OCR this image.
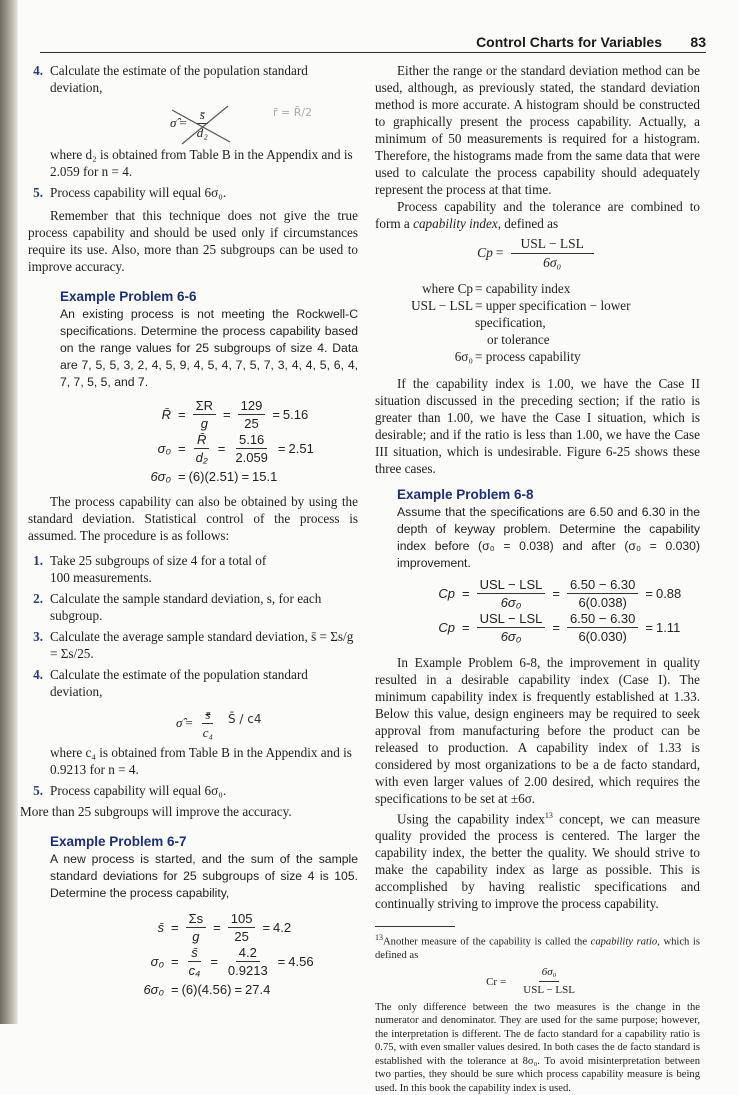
Control Charts for Variables 83
4. Calculate the estimate of the population standard deviation,
σ̂ = $\frac{s̄}{\text{d₂}}$	r̄ = R̄/2
where d₂ is obtained from Table B in the Appendix and is 2.059 for n = 4.
5. Process capability will equal 6σ₀.

Remember that this technique does not give the true process capability and should be used only if circumstances require its use. Also, more than 25 subgroups can be used to improve accuracy.

Example Problem 6-6
An existing process is not meeting the Rockwell-C specifications. Determine the process capability based on the range values for 25 subgroups of size 4. Data are 7, 5, 5, 3, 2, 4, 5, 9, 4, 5, 4, 7, 5, 7, 3, 4, 4, 5, 6, 4, 7, 7, 5, 5, and 7.
R̄ = $\frac{\Sigma R}{g} = \frac{129}{25} = 5.16$
$\sigma_0 = \frac{R̄}{\text{d₂}} = \frac{5.16}{2.059} = 2.51$
6σ₀ = (6)(2.51) = 15.1

The process capability can also be obtained by using the standard deviation. Statistical control of the process is assumed. The procedure is as follows:

1. Take 25 subgroups of size 4 for a total of 100 measurements.
2. Calculate the sample standard deviation, s, for each subgroup.
3. Calculate the average sample standard deviation, s̄ = Σs/g = Σs/25.
4. Calculate the estimate of the population standard deviation,
σ̂ = $\frac{s̄}{\text{c₄}}$ S̄ / c4
where c₄ is obtained from Table B in the Appendix and is 0.9213 for n = 4.
5. Process capability will equal 6σ₀.

More than 25 subgroups will improve the accuracy.

Example Problem 6-7
A new process is started, and the sum of the sample standard deviations for 25 subgroups of size 4 is 105. Determine the process capability,
s̄ = $\frac{\Sigma s}{g} = \frac{105}{25} = 4.2$
$\sigma_0 = \frac{s̄}{\text{c₄}} = \frac{4.2}{0.9213} = 4.56$
6σ₀ = (6)(4.56) = 27.4

Either the range or the standard deviation method can be used, although, as previously stated, the standard deviation method is more accurate. A histogram should be constructed to graphically present the process capability. Actually, a minimum of 50 measurements is required for a histogram. Therefore, the histograms made from the same data that were used to calculate the process capability should adequately represent the process at that time.

Process capability and the tolerance are combined to form a capability index, defined as

$Cp = \frac{\text{USL − LSL}}{\text{6σ₀}}$
where Cp = capability index
USL − LSL = upper specification − lower specification,
or tolerance
6σ₀ = process capability

If the capability index is 1.00, we have the Case II situation discussed in the preceding section; if the ratio is greater than 1.00, we have the Case I situation, which is desirable; and if the ratio is less than 1.00, we have the Case III situation, which is undesirable. Figure 6-25 shows these three cases.

Example Problem 6-8
Assume that the specifications are 6.50 and 6.30 in the depth of keyway problem. Determine the capability index before (σ₀ = 0.038) and after (σ₀ = 0.030) improvement.
$Cp = \frac{\text{USL − LSL}}{\text{6σ₀}} = \frac{6.50 - 6.30}{6(0.038)} = 0.88$
$Cp = \frac{\text{USL − LSL}}{\text{6σ₀}} = \frac{6.50 - 6.30}{6(0.030)} = 1.11$

In Example Problem 6-8, the improvement in quality resulted in a desirable capability index (Case I). The minimum capability index is frequently established at 1.33. Below this value, design engineers may be required to seek approval from manufacturing before the product can be released to production. A capability index of 1.33 is considered by most organizations to be a de facto standard, with even larger values of 2.00 desired, which requires the specifications to be set at ±6σ.

Using the capability index$^{13}$ concept, we can measure quality provided the process is centered. The larger the capability index, the better the quality. We should strive to make the capability index as large as possible. This is accomplished by having realistic specifications and continually striving to improve the process capability.

$^{13}$Another measure of the capability is called the capability ratio, which is defined as

$Cr = \frac{\text{6σ₀}}{\text{USL − LSL}}$

The only difference between the two measures is the change in the numerator and denominator. They are used for the same purpose; however, the interpretation is different. The de facto standard for a capability ratio is 0.75, with even smaller values desired. In both cases the de facto standard is established with the tolerance at 8σ₀. To avoid misinterpretation between two parties, they should be sure which process capability measure is being used. In this book the capability index is used.
